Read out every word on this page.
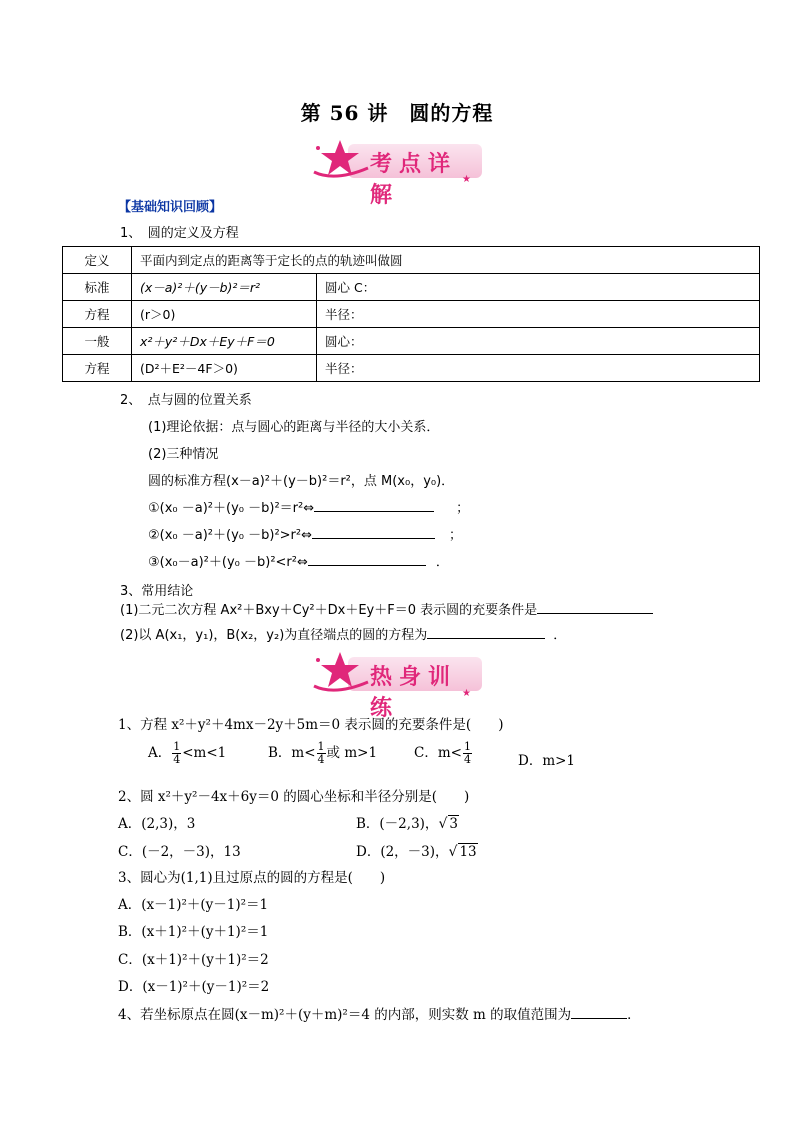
第 56 讲　圆的方程
考点详解
★
【基础知识回顾】
1、　圆的定义及方程
定义	平面内到定点的距离等于定长的点的轨迹叫做圆	
标准	(x－a)²＋(y－b)²＝r²	圆心 C：
方程	(r＞0)	半径：
一般	x²＋y²＋Dx＋Ey＋F＝0	圆心：
方程	(D²＋E²－4F＞0)	半径：
2、　点与圆的位置关系
(1)理论依据：点与圆心的距离与半径的大小关系．
(2)三种情况
圆的标准方程(x－a)²＋(y－b)²＝r²，点 M(x₀，y₀)．
①(x₀ －a)²＋(y₀ －b)²＝r²⇔	；
②(x₀ －a)²＋(y₀ －b)²>r²⇔	；
③(x₀－a)²＋(y₀ －b)²<r²⇔	．
3、常用结论
(1)二元二次方程 Ax²＋Bxy＋Cy²＋Dx＋Ey＋F＝0 表示圆的充要条件是
(2)以 A(x₁，y₁)，B(x₂，y₂)为直径端点的圆的方程为	．
热身训练
★
1、方程 x²＋y²＋4mx－2y＋5m＝0 表示圆的充要条件是(　　)
A． $\frac{1}{4} <m<1$	B．$m< \frac{1}{4}$ 或 m>1	C．$m< \frac{1}{4}$	D．m>1
2、圆 x²＋y²－4x＋6y＝0 的圆心坐标和半径分别是(　　)
A．(2,3)，3	B．(－2,3)，√ 3
C．(－2，－3)，13	D．(2，－3)，√ 13
3、圆心为(1,1)且过原点的圆的方程是(　　)
A．(x－1)²＋(y－1)²＝1
B．(x＋1)²＋(y＋1)²＝1
C．(x＋1)²＋(y＋1)²＝2
D．(x－1)²＋(y－1)²＝2
4、若坐标原点在圆(x－m)²＋(y＋m)²＝4 的内部，则实数 m 的取值范围为	．
